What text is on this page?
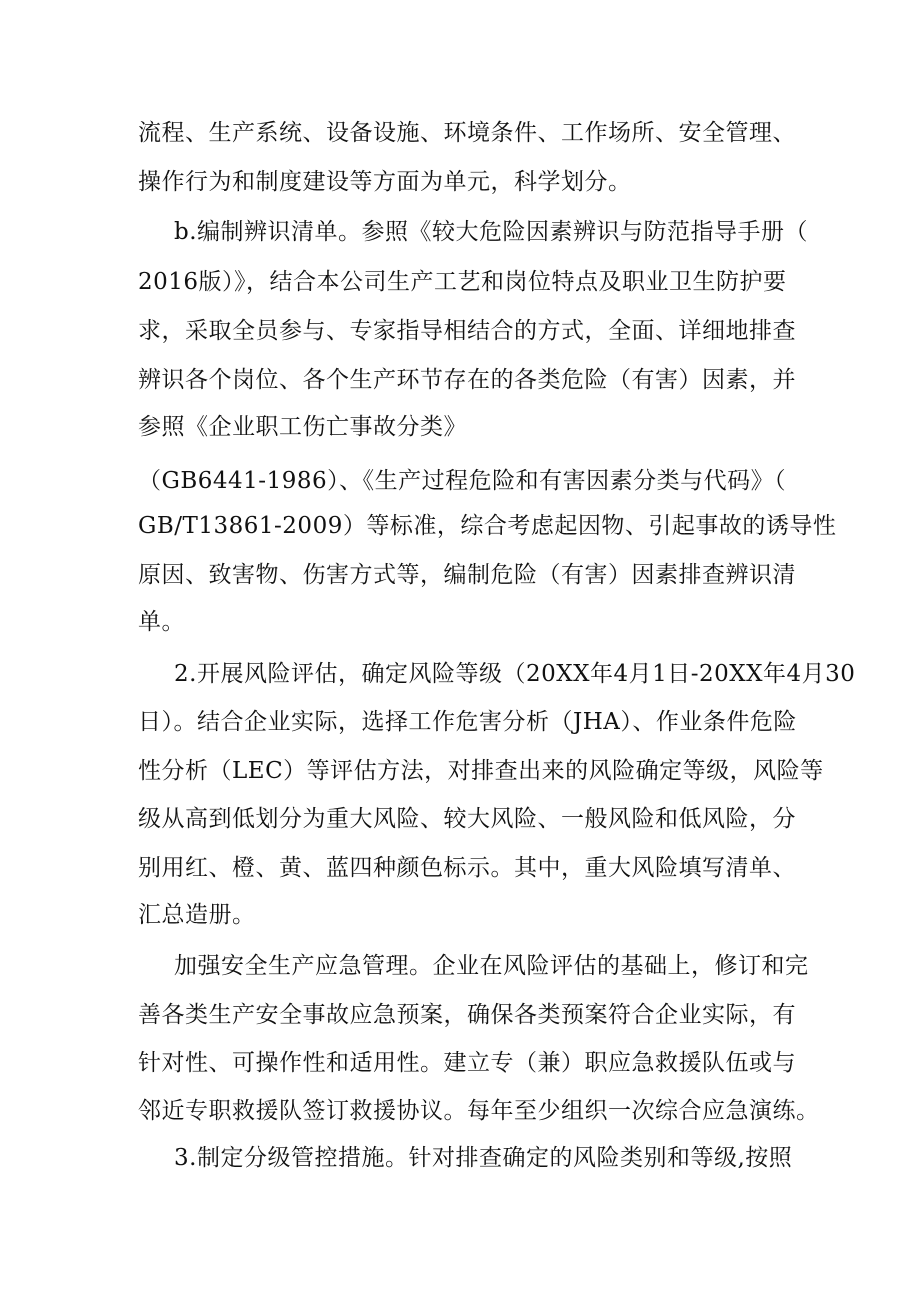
流程、生产系统、设备设施、环境条件、工作场所、安全管理、
操作行为和制度建设等方面为单元，科学划分。
b.编制辨识清单。参照《较大危险因素辨识与防范指导手册（
2016版）》，结合本公司生产工艺和岗位特点及职业卫生防护要
求，采取全员参与、专家指导相结合的方式，全面、详细地排查
辨识各个岗位、各个生产环节存在的各类危险（有害）因素，并
参照《企业职工伤亡事故分类》
（GB6441-1986）、《生产过程危险和有害因素分类与代码》（
GB/T13861-2009）等标准，综合考虑起因物、引起事故的诱导性
原因、致害物、伤害方式等，编制危险（有害）因素排查辨识清
单。
2.开展风险评估，确定风险等级（20XX年4月1日-20XX年4月30
日）。结合企业实际，选择工作危害分析（JHA）、作业条件危险
性分析（LEC）等评估方法，对排查出来的风险确定等级，风险等
级从高到低划分为重大风险、较大风险、一般风险和低风险，分
别用红、橙、黄、蓝四种颜色标示。其中，重大风险填写清单、
汇总造册。
加强安全生产应急管理。企业在风险评估的基础上，修订和完
善各类生产安全事故应急预案，确保各类预案符合企业实际，有
针对性、可操作性和适用性。建立专（兼）职应急救援队伍或与
邻近专职救援队签订救援协议。每年至少组织一次综合应急演练。
3.制定分级管控措施。针对排查确定的风险类别和等级,按照
